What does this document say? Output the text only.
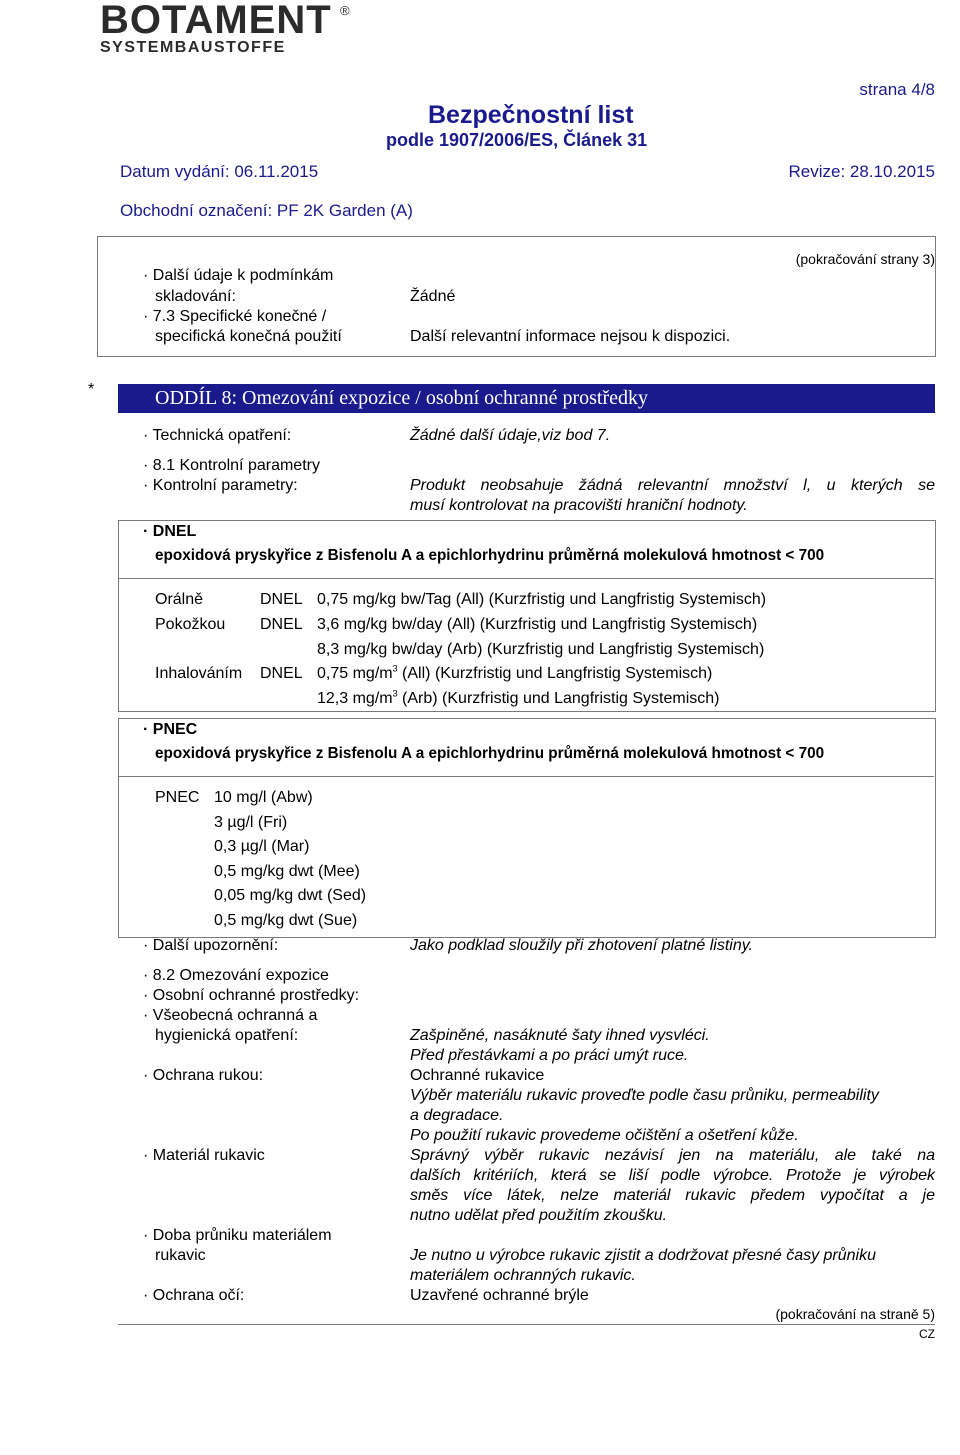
BOTAMENT ®
SYSTEMBAUSTOFFE
strana 4/8
Bezpečnostní list
podle 1907/2006/ES, Článek 31
Datum vydání: 06.11.2015	Revize: 28.10.2015
Obchodní označení: PF 2K Garden (A)
(pokračování strany 3)
· Další údaje k podmínkám
skladování:	Žádné
· 7.3 Specifické konečné /
specifická konečná použití	Další relevantní informace nejsou k dispozici.
*	ODDÍL 8: Omezování expozice / osobní ochranné prostředky
· Technická opatření:	Žádné další údaje,viz bod 7.
· 8.1 Kontrolní parametry
· Kontrolní parametry:	Produkt neobsahuje žádná relevantní množství l, u kterých se
musí kontrolovat na pracovišti hraniční hodnoty.
· DNEL
epoxidová pryskyřice z Bisfenolu A a epichlorhydrinu průměrná molekulová hmotnost < 700
Orálně	DNEL 0,75 mg/kg bw/Tag (All) (Kurzfristig und Langfristig Systemisch)
Pokožkou DNEL 3,6 mg/kg bw/day (All) (Kurzfristig und Langfristig Systemisch)
8,3 mg/kg bw/day (Arb) (Kurzfristig und Langfristig Systemisch)
Inhalováním DNEL 0,75 $mg/m^3$ (All) (Kurzfristig und Langfristig Systemisch)
12,3 $mg/m^3$ (Arb) (Kurzfristig und Langfristig Systemisch)
· PNEC
epoxidová pryskyřice z Bisfenolu A a epichlorhydrinu průměrná molekulová hmotnost < 700
PNEC 10 mg/l (Abw)
3 µg/l (Fri)
0,3 µg/l (Mar)
0,5 mg/kg dwt (Mee)
0,05 mg/kg dwt (Sed)
0,5 mg/kg dwt (Sue)
· Další upozornění:	Jako podklad sloužily při zhotovení platné listiny.
· 8.2 Omezování expozice
· Osobní ochranné prostředky:
· Všeobecná ochranná a
hygienická opatření:	Zašpiněné, nasáknuté šaty ihned vysvléci.
Před přestávkami a po práci umýt ruce.
· Ochrana rukou:	Ochranné rukavice
Výběr materiálu rukavic proveďte podle času průniku, permeability
a degradace.
Po použití rukavic provedeme očištění a ošetření kůže.
· Materiál rukavic	Správný výběr rukavic nezávisí jen na materiálu, ale také na
dalších kritériích, která se liší podle výrobce. Protože je výrobek
směs více látek, nelze materiál rukavic předem vypočítat a je
nutno udělat před použitím zkoušku.
· Doba průniku materiálem
rukavic	Je nutno u výrobce rukavic zjistit a dodržovat přesné časy průniku
materiálem ochranných rukavic.
· Ochrana očí:	Uzavřené ochranné brýle
(pokračování na straně 5)
CZ
